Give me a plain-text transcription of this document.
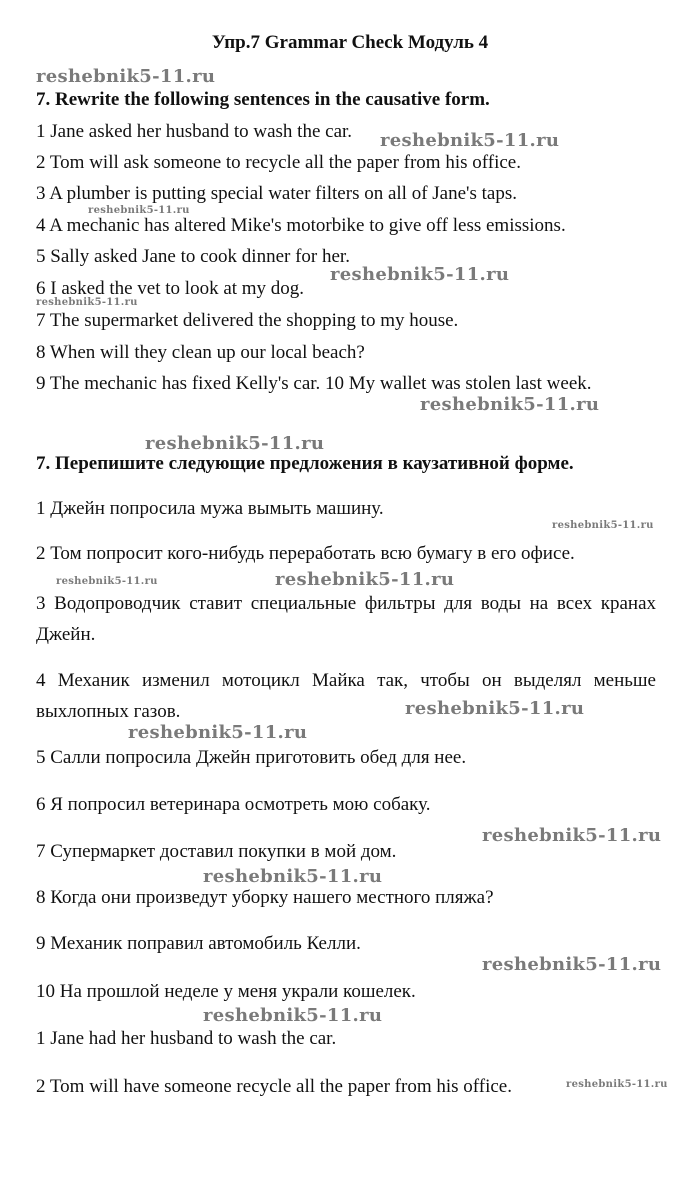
Упр.7 Grammar Check Модуль 4
7. Rewrite the following sentences in the causative form.
1 Jane asked her husband to wash the car.
2 Tom will ask someone to recycle all the paper from his office.
3 A plumber is putting special water filters on all of Jane's taps.
4 A mechanic has altered Mike's motorbike to give off less emissions.
5 Sally asked Jane to cook dinner for her.
6 I asked the vet to look at my dog.
7 The supermarket delivered the shopping to my house.
8 When will they clean up our local beach?
9 The mechanic has fixed Kelly's car. 10 My wallet was stolen last week.
7. Перепишите следующие предложения в каузативной форме.
1 Джейн попросила мужа вымыть машину.
2 Том попросит кого-нибудь переработать всю бумагу в его офисе.
3 Водопроводчик ставит специальные фильтры для воды на всех кранах Джейн.
4 Механик изменил мотоцикл Майка так, чтобы он выделял меньше выхлопных газов.
5 Салли попросила Джейн приготовить обед для нее.
6 Я попросил ветеринара осмотреть мою собаку.
7 Супермаркет доставил покупки в мой дом.
8 Когда они произведут уборку нашего местного пляжа?
9 Механик поправил автомобиль Келли.
10 На прошлой неделе у меня украли кошелек.
1 Jane had her husband to wash the car.
2 Tom will have someone recycle all the paper from his office.
reshebnik5-11.ru
reshebnik5-11.ru
reshebnik5-11.ru
reshebnik5-11.ru
reshebnik5-11.ru
reshebnik5-11.ru
reshebnik5-11.ru
reshebnik5-11.ru
reshebnik5-11.ru	reshebnik5-11.ru
reshebnik5-11.ru
reshebnik5-11.ru
reshebnik5-11.ru
reshebnik5-11.ru
reshebnik5-11.ru
reshebnik5-11.ru
reshebnik5-11.ru
